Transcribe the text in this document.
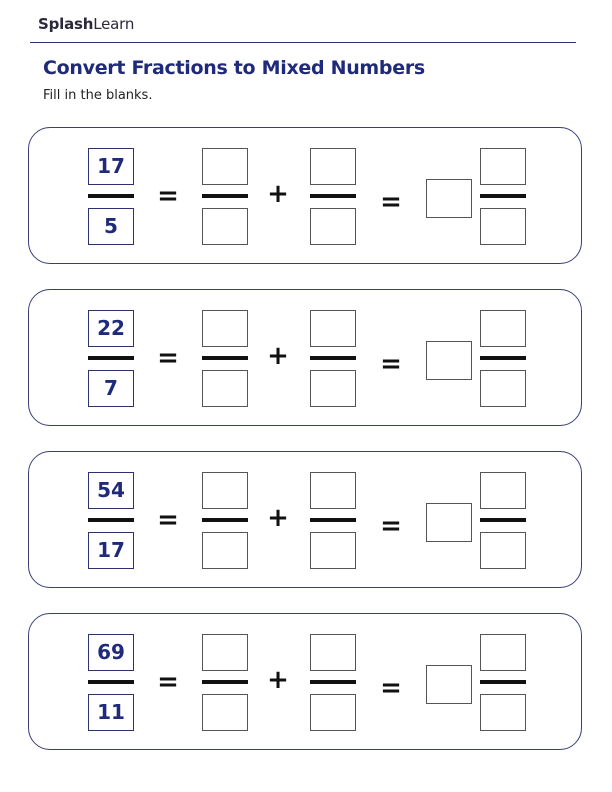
SplashLearn
Convert Fractions to Mixed Numbers
Fill in the blanks.
17
5
=	+	=
22
7
=	+	=
54
17
=	+	=
69
11
=	+	=
